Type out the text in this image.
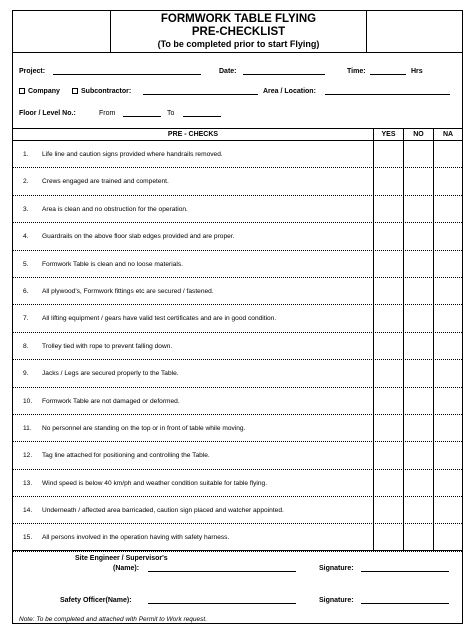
FORMWORK TABLE FLYING
PRE-CHECKLIST
(To be completed prior to start Flying)
Project:	Date:	Time:	Hrs
Company	Subcontractor:	Area / Location:
Floor / Level No.:	From	To
PRE - CHECKS	YES	NO	NA
1. Life line and caution signs provided where handrails removed.
2. Crews engaged are trained and competent.
3. Area is clean and no obstruction for the operation.
4. Guardrails on the above floor slab edges provided and are proper.
5. Formwork Table is clean and no loose materials.
6. All plywood's, Formwork fittings etc are secured / fastened.
7. All lifting equipment / gears have valid test certificates and are in good condition.
8. Trolley tied with rope to prevent falling down.
9. Jacks / Legs are secured properly to the Table.
10. Formwork Table are not damaged or deformed.
11. No personnel are standing on the top or in front of table while moving.
12. Tag line attached for positioning and controlling the Table.
13. Wind speed is below 40 km/ph and weather condition suitable for table flying.
14. Underneath / affected area barricaded, caution sign placed and watcher appointed.
15. All persons involved in the operation having with safety harness.
Site Engineer / Supervisor's
(Name):	Signature:
Safety Officer(Name):	Signature:
Note: To be completed and attached with Permit to Work request.
